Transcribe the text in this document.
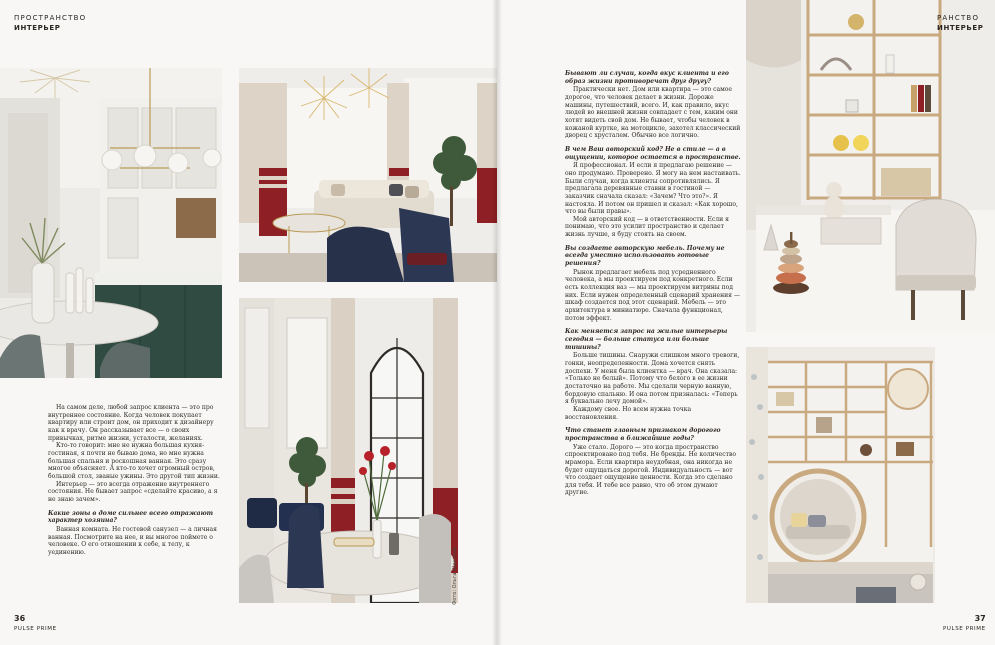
ПРОСТРАНСТВО
ИНТЕРЬЕР
Фото: Ольга Шангина

На самом деле, любой запрос клиента — это про внутреннее состояние. Когда человек покупает квартиру или строит дом, он приходит к дизайнеру как к врачу. Он рассказывает все — о своих привычках, ритме жизни, усталости, желаниях.

Кто-то говорит: мне не нужна большая кухня-гостиная, я почти не бываю дома, но мне нужна большая спальня и роскошная ванная. Это сразу многое объясняет. А кто-то хочет огромный остров, большой стол, званые ужины. Это другой тип жизни.

Интерьер — это всегда отражение внутреннего состояния. Не бывает запрос «сделайте красиво, а я не знаю зачем».

Какие зоны в доме сильнее всего отражают характер хозяина?

Ванная комната. Не гостевой санузел — а личная ванная. Посмотрите на нее, и вы многое поймете о человеке. О его отношении к себе, к телу, к уединению.

36
PULSE PRIME
Бывают ли случаи, когда вкус клиента и его образ жизни противоречат друг другу?

Практически нет. Дом или квартира — это самое дорогое, что человек делает в жизни. Дороже машины, путешествий, всего. И, как правило, вкус людей во внешней жизни совпадает с тем, каким они хотят видеть свой дом. Не бывает, чтобы человек в кожаной куртке, на мотоцикле, захотел классический дворец с хрусталем. Обычно все логично.

В чем Ваш авторский код? Не в стиле — а в ощущении, которое остается в пространстве.

Я профессионал. И если я предлагаю решение — оно продумано. Проверено. Я могу на нем настаивать. Были случаи, когда клиенты сопротивлялись. Я предлагала деревянные ставни в гостиной — заказчик сначала сказал: «Зачем? Что это?». Я настояла. И потом он пришел и сказал: «Как хорошо, что вы были правы».

Мой авторский код — в ответственности. Если я понимаю, что это усилит пространство и сделает жизнь лучше, я буду стоять на своем.

Вы создаете авторскую мебель. Почему не всегда уместно использовать готовые решения?

Рынок предлагает мебель под усредненного человека, а мы проектируем под конкретного. Если есть коллекция ваз — мы проектируем витрины под них. Если нужен определенный сценарий хранения — шкаф создается под этот сценарий. Мебель — это архитектура в миниатюре. Сначала функционал, потом эффект.

Как меняется запрос на жилые интерьеры сегодня — больше статуса или больше тишины?

Больше тишины. Снаружи слишком много тревоги, гонки, неопределенности. Дома хочется снять доспехи. У меня была клиентка — врач. Она сказала: «Только не белый». Потому что белого в ее жизни достаточно на работе. Мы сделали черную ванную, бордовую спальню. И она потом призналась: «Теперь я буквально лечу домой».

Каждому свое. Но всем нужна точка восстановления.

Что станет главным признаком дорогого пространства в ближайшие годы?

Уже стало. Дорого — это когда пространство спроектировано под тебя. Не бренды. Не количество мрамора. Если квартира неудобная, она никогда не будет ощущаться дорогой. Индивидуальность — вот что создает ощущение ценности. Когда это сделано для тебя. И тебе все равно, что об этом думают другие.

РАНСТВО
ИНТЕРЬЕР
37
PULSE PRIME
